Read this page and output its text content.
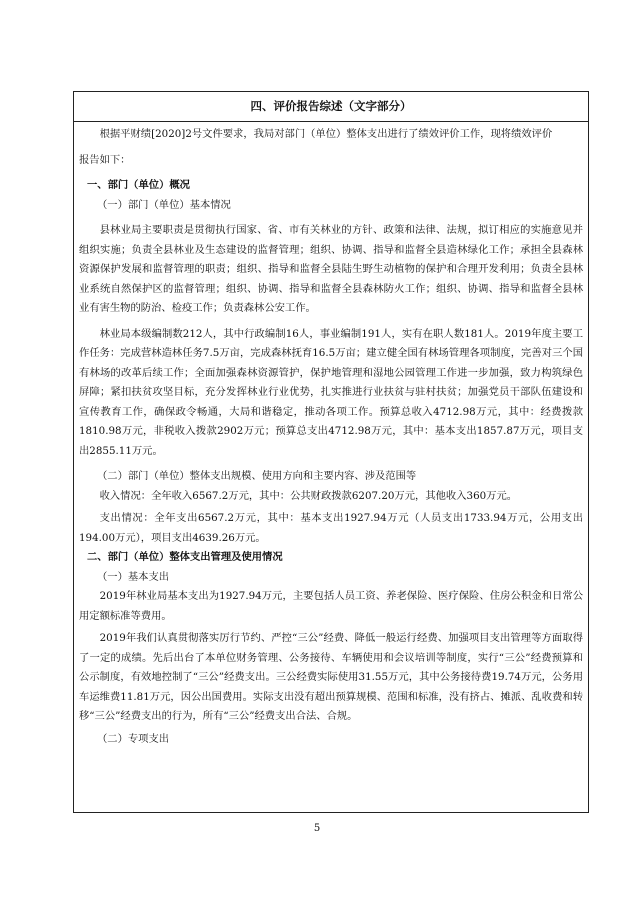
四、评价报告综述（文字部分）

根据平财绩[2020]2号文件要求，我局对部门（单位）整体支出进行了绩效评价工作，现将绩效评价

报告如下：

一、部门（单位）概况

（一）部门（单位）基本情况

县林业局主要职责是贯彻执行国家、省、市有关林业的方针、政策和法律、法规，拟订相应的实施意见并组织实施；负责全县林业及生态建设的监督管理；组织、协调、指导和监督全县造林绿化工作；承担全县森林资源保护发展和监督管理的职责；组织、指导和监督全县陆生野生动植物的保护和合理开发利用；负责全县林业系统自然保护区的监督管理；组织、协调、指导和监督全县森林防火工作；组织、协调、指导和监督全县林业有害生物的防治、检疫工作；负责森林公安工作。

林业局本级编制数212人，其中行政编制16人，事业编制191人，实有在职人数181人。2019年度主要工作任务：完成营林造林任务7.5万亩，完成森林抚育16.5万亩；建立健全国有林场管理各项制度，完善对三个国有林场的改革后续工作；全面加强森林资源管护，保护地管理和湿地公园管理工作进一步加强，致力构筑绿色屏障；紧扣扶贫攻坚目标，充分发挥林业行业优势，扎实推进行业扶贫与驻村扶贫；加强党员干部队伍建设和宣传教育工作，确保政令畅通，大局和谐稳定，推动各项工作。预算总收入4712.98万元，其中：经费拨款1810.98万元，非税收入拨款2902万元；预算总支出4712.98万元，其中：基本支出1857.87万元，项目支出2855.11万元。

（二）部门（单位）整体支出规模、使用方向和主要内容、涉及范围等

收入情况：全年收入6567.2万元，其中：公共财政拨款6207.20万元，其他收入360万元。

支出情况：全年支出6567.2万元，其中：基本支出1927.94万元（人员支出1733.94万元，公用支出194.00万元），项目支出4639.26万元。

二、部门（单位）整体支出管理及使用情况

（一）基本支出

2019年林业局基本支出为1927.94万元，主要包括人员工资、养老保险、医疗保险、住房公积金和日常公用定额标准等费用。

2019年我们认真贯彻落实厉行节约、严控“三公”经费、降低一般运行经费、加强项目支出管理等方面取得了一定的成绩。先后出台了本单位财务管理、公务接待、车辆使用和会议培训等制度，实行“三公”经费预算和公示制度，有效地控制了“三公”经费支出。三公经费实际使用31.55万元，其中公务接待费19.74万元，公务用车运维费11.81万元，因公出国费用。实际支出没有超出预算规模、范围和标准，没有挤占、摊派、乱收费和转移“三公”经费支出的行为，所有“三公”经费支出合法、合规。

（二）专项支出

5
